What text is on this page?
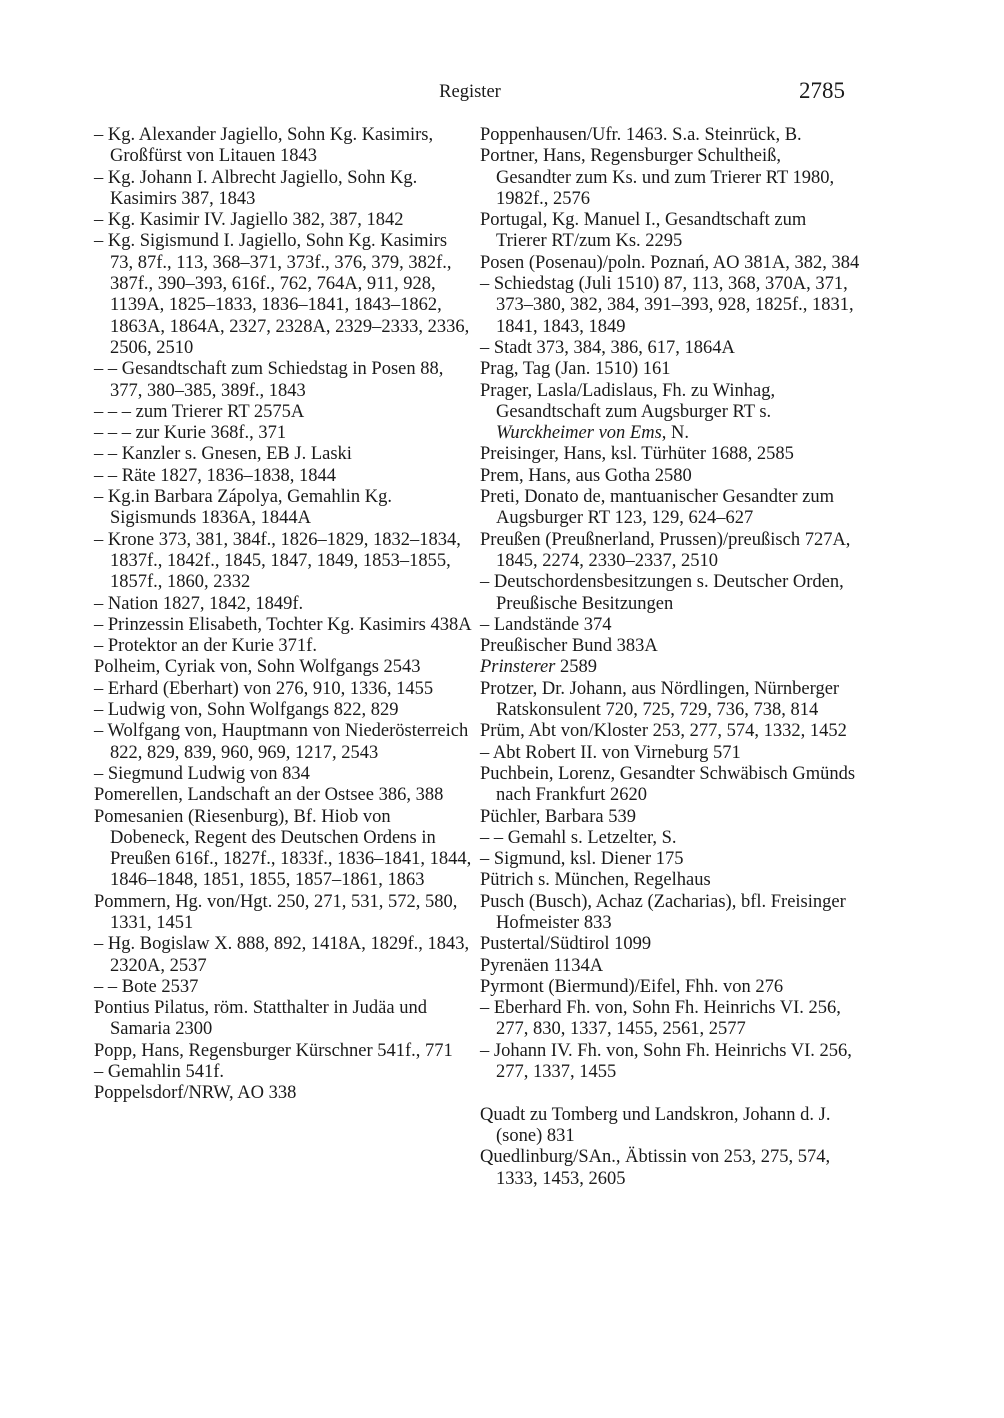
Register	2785

– Kg. Alexander Jagiello, Sohn Kg. Kasimirs, Großfürst von Litauen 1843

– Kg. Johann I. Albrecht Jagiello, Sohn Kg. Kasimirs 387, 1843

– Kg. Kasimir IV. Jagiello 382, 387, 1842

– Kg. Sigismund I. Jagiello, Sohn Kg. Kasimirs 73, 87f., 113, 368–371, 373f., 376, 379, 382f., 387f., 390–393, 616f., 762, 764A, 911, 928, 1139A, 1825–1833, 1836–1841, 1843–1862, 1863A, 1864A, 2327, 2328A, 2329–2333, 2336, 2506, 2510

– – Gesandtschaft zum Schiedstag in Posen 88, 377, 380–385, 389f., 1843

– – – zum Trierer RT 2575A

– – – zur Kurie 368f., 371

– – Kanzler s. Gnesen, EB J. Laski

– – Räte 1827, 1836–1838, 1844

– Kg.in Barbara Zápolya, Gemahlin Kg. Sigismunds 1836A, 1844A

– Krone 373, 381, 384f., 1826–1829, 1832–1834, 1837f., 1842f., 1845, 1847, 1849, 1853–1855, 1857f., 1860, 2332

– Nation 1827, 1842, 1849f.

– Prinzessin Elisabeth, Tochter Kg. Kasimirs 438A

– Protektor an der Kurie 371f.

Polheim, Cyriak von, Sohn Wolfgangs 2543

– Erhard (Eberhart) von 276, 910, 1336, 1455

– Ludwig von, Sohn Wolfgangs 822, 829

– Wolfgang von, Hauptmann von Niederösterreich 822, 829, 839, 960, 969, 1217, 2543

– Siegmund Ludwig von 834

Pomerellen, Landschaft an der Ostsee 386, 388

Pomesanien (Riesenburg), Bf. Hiob von Dobeneck, Regent des Deutschen Ordens in Preußen 616f., 1827f., 1833f., 1836–1841, 1844, 1846–1848, 1851, 1855, 1857–1861, 1863

Pommern, Hg. von/Hgt. 250, 271, 531, 572, 580, 1331, 1451

– Hg. Bogislaw X. 888, 892, 1418A, 1829f., 1843, 2320A, 2537

– – Bote 2537

Pontius Pilatus, röm. Statthalter in Judäa und Samaria 2300

Popp, Hans, Regensburger Kürschner 541f., 771

– Gemahlin 541f.

Poppelsdorf/NRW, AO 338

Poppenhausen/Ufr. 1463. S.a. Steinrück, B.

Portner, Hans, Regensburger Schultheiß, Gesandter zum Ks. und zum Trierer RT 1980, 1982f., 2576

Portugal, Kg. Manuel I., Gesandtschaft zum Trierer RT/zum Ks. 2295

Posen (Posenau)/poln. Poznań, AO 381A, 382, 384

– Schiedstag (Juli 1510) 87, 113, 368, 370A, 371, 373–380, 382, 384, 391–393, 928, 1825f., 1831, 1841, 1843, 1849

– Stadt 373, 384, 386, 617, 1864A

Prag, Tag (Jan. 1510) 161

Prager, Lasla/Ladislaus, Fh. zu Winhag, Gesandtschaft zum Augsburger RT s. Wurckheimer von Ems, N.

Preisinger, Hans, ksl. Türhüter 1688, 2585

Prem, Hans, aus Gotha 2580

Preti, Donato de, mantuanischer Gesandter zum Augsburger RT 123, 129, 624–627

Preußen (Preußnerland, Prussen)/preußisch 727A, 1845, 2274, 2330–2337, 2510

– Deutschordensbesitzungen s. Deutscher Orden, Preußische Besitzungen

– Landstände 374

Preußischer Bund 383A

Prinsterer 2589

Protzer, Dr. Johann, aus Nördlingen, Nürnberger Ratskonsulent 720, 725, 729, 736, 738, 814

Prüm, Abt von/Kloster 253, 277, 574, 1332, 1452

– Abt Robert II. von Virneburg 571

Puchbein, Lorenz, Gesandter Schwäbisch Gmünds nach Frankfurt 2620

Püchler, Barbara 539

– – Gemahl s. Letzelter, S.

– Sigmund, ksl. Diener 175

Pütrich s. München, Regelhaus

Pusch (Busch), Achaz (Zacharias), bfl. Freisinger Hofmeister 833

Pustertal/Südtirol 1099

Pyrenäen 1134A

Pyrmont (Biermund)/Eifel, Fhh. von 276

– Eberhard Fh. von, Sohn Fh. Heinrichs VI. 256, 277, 830, 1337, 1455, 2561, 2577

– Johann IV. Fh. von, Sohn Fh. Heinrichs VI. 256, 277, 1337, 1455

Quadt zu Tomberg und Landskron, Johann d. J. (sone) 831

Quedlinburg/SAn., Äbtissin von 253, 275, 574, 1333, 1453, 2605
